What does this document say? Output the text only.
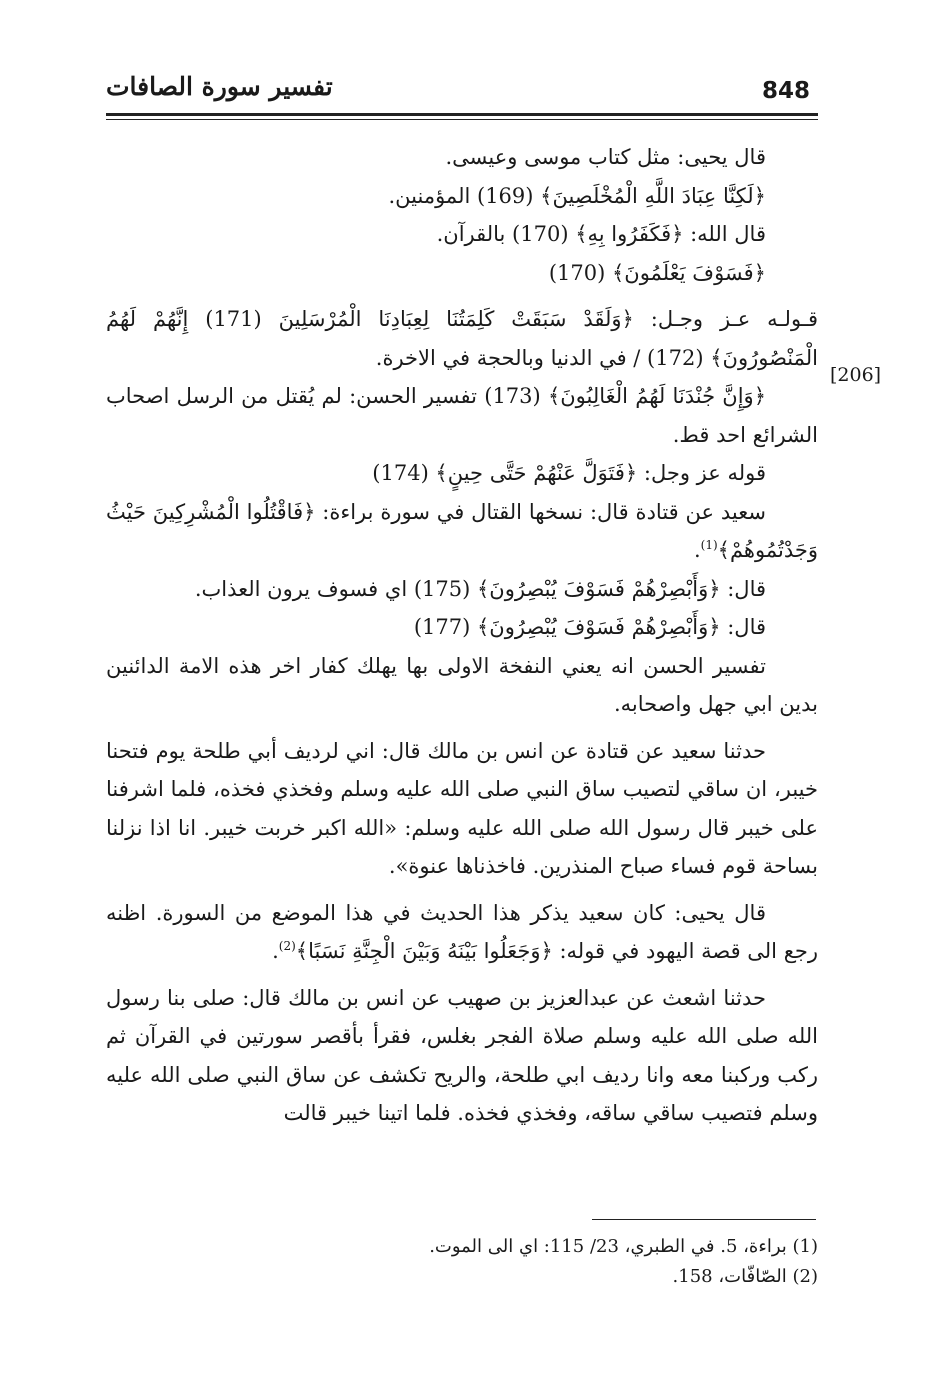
848
تفسير سورة الصافات
[206]

قال يحيى: مثل كتاب موسى وعيسى.

﴿لَكِنَّا عِبَادَ اللَّهِ الْمُخْلَصِينَ﴾ (169) المؤمنين.

قال الله: ﴿فَكَفَرُوا بِهِ﴾ (170) بالقرآن.

﴿فَسَوْفَ يَعْلَمُونَ﴾ (170)

قـولـه عـز وجـل: ﴿وَلَقَدْ سَبَقَتْ كَلِمَتُنَا لِعِبَادِنَا الْمُرْسَلِينَ (171) إِنَّهُمْ لَهُمُ الْمَنْصُورُونَ﴾ (172) / في الدنيا وبالحجة في الاخرة.

﴿وَإِنَّ جُنْدَنَا لَهُمُ الْغَالِبُونَ﴾ (173) تفسير الحسن: لم يُقتل من الرسل اصحاب الشرائع احد قط.

قوله عز وجل: ﴿فَتَوَلَّ عَنْهُمْ حَتَّى حِينٍ﴾ (174)

سعيد عن قتادة قال: نسخها القتال في سورة براءة: ﴿فَاقْتُلُوا الْمُشْرِكِينَ حَيْثُ وَجَدْتُمُوهُمْ﴾$^{(1)}$.

قال: ﴿وَأَبْصِرْهُمْ فَسَوْفَ يُبْصِرُونَ﴾ (175) اي فسوف يرون العذاب.

قال: ﴿وَأَبْصِرْهُمْ فَسَوْفَ يُبْصِرُونَ﴾ (177)

تفسير الحسن انه يعني النفخة الاولى بها يهلك كفار اخر هذه الامة الدائنين بدين ابي جهل واصحابه.

حدثنا سعيد عن قتادة عن انس بن مالك قال: اني لرديف أبي طلحة يوم فتحنا خيبر، ان ساقي لتصيب ساق النبي صلى الله عليه وسلم وفخذي فخذه، فلما اشرفنا على خيبر قال رسول الله صلى الله عليه وسلم: «الله اكبر خربت خيبر. انا اذا نزلنا بساحة قوم فساء صباح المنذرين. فاخذناها عنوة».

قال يحيى: كان سعيد يذكر هذا الحديث في هذا الموضع من السورة. اظنه رجع الى قصة اليهود في قوله: ﴿وَجَعَلُوا بَيْنَهُ وَبَيْنَ الْجِنَّةِ نَسَبًا﴾$^{(2)}$.

حدثنا اشعث عن عبدالعزيز بن صهيب عن انس بن مالك قال: صلى بنا رسول الله صلى الله عليه وسلم صلاة الفجر بغلس، فقرأ بأقصر سورتين في القرآن ثم ركب وركبنا معه وانا رديف ابي طلحة، والريح تكشف عن ساق النبي صلى الله عليه وسلم فتصيب ساقي ساقه، وفخذي فخذه. فلما اتينا خيبر قالت

(1) براءة، 5. في الطبري، 23/ 115: اي الى الموت.

(2) الصّافّات، 158.
